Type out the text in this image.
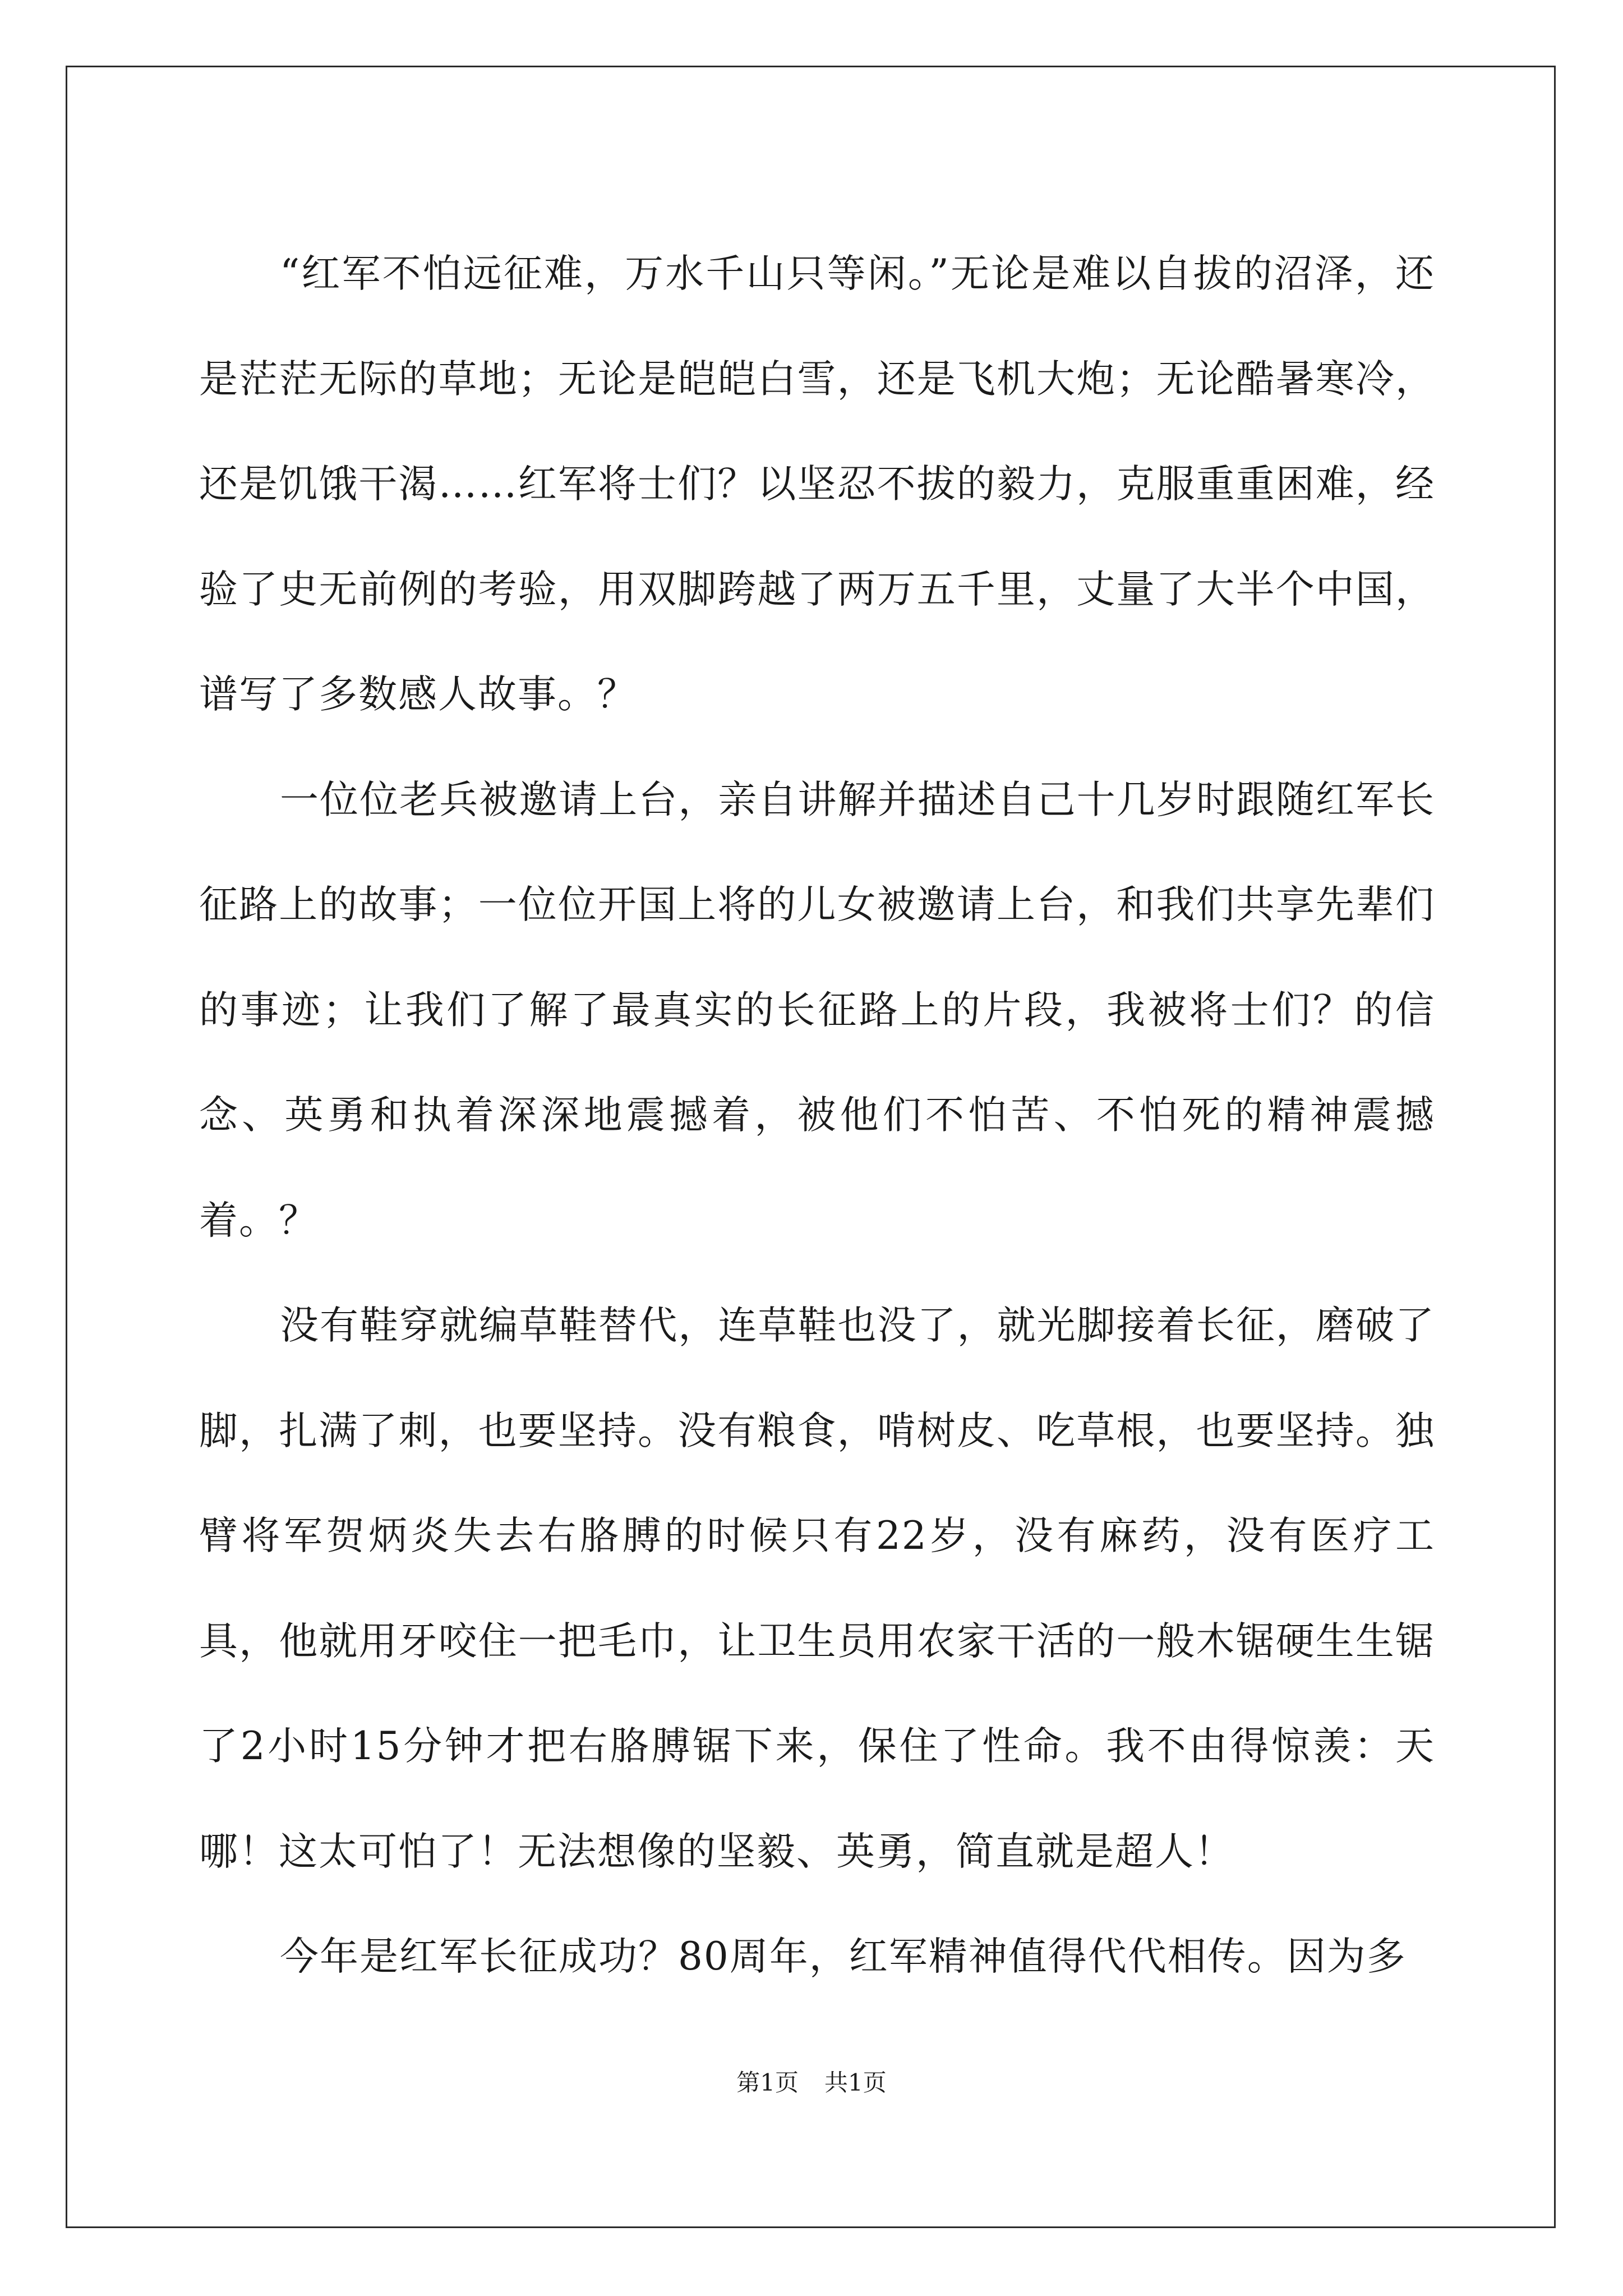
“红军不怕远征难，万水千山只等闲。”无论是难以自拔的沼泽，还是茫茫无际的草地；无论是皑皑白雪，还是飞机大炮；无论酷暑寒冷，还是饥饿干渴……红军将士们？以坚忍不拔的毅力，克服重重困难，经验了史无前例的考验，用双脚跨越了两万五千里，丈量了大半个中国，谱写了多数感人故事。？

一位位老兵被邀请上台，亲自讲解并描述自己十几岁时跟随红军长征路上的故事；一位位开国上将的儿女被邀请上台，和我们共享先辈们的事迹；让我们了解了最真实的长征路上的片段，我被将士们？的信念、英勇和执着深深地震撼着，被他们不怕苦、不怕死的精神震撼着。？

没有鞋穿就编草鞋替代，连草鞋也没了，就光脚接着长征，磨破了脚，扎满了刺，也要坚持。没有粮食，啃树皮、吃草根，也要坚持。独臂将军贺炳炎失去右胳膊的时候只有22岁，没有麻药，没有医疗工具，他就用牙咬住一把毛巾，让卫生员用农家干活的一般木锯硬生生锯了2小时15分钟才把右胳膊锯下来，保住了性命。我不由得惊羡：天哪！这太可怕了！无法想像的坚毅、英勇，简直就是超人！

今年是红军长征成功？80周年，红军精神值得代代相传。因为多

第1页 共1页
